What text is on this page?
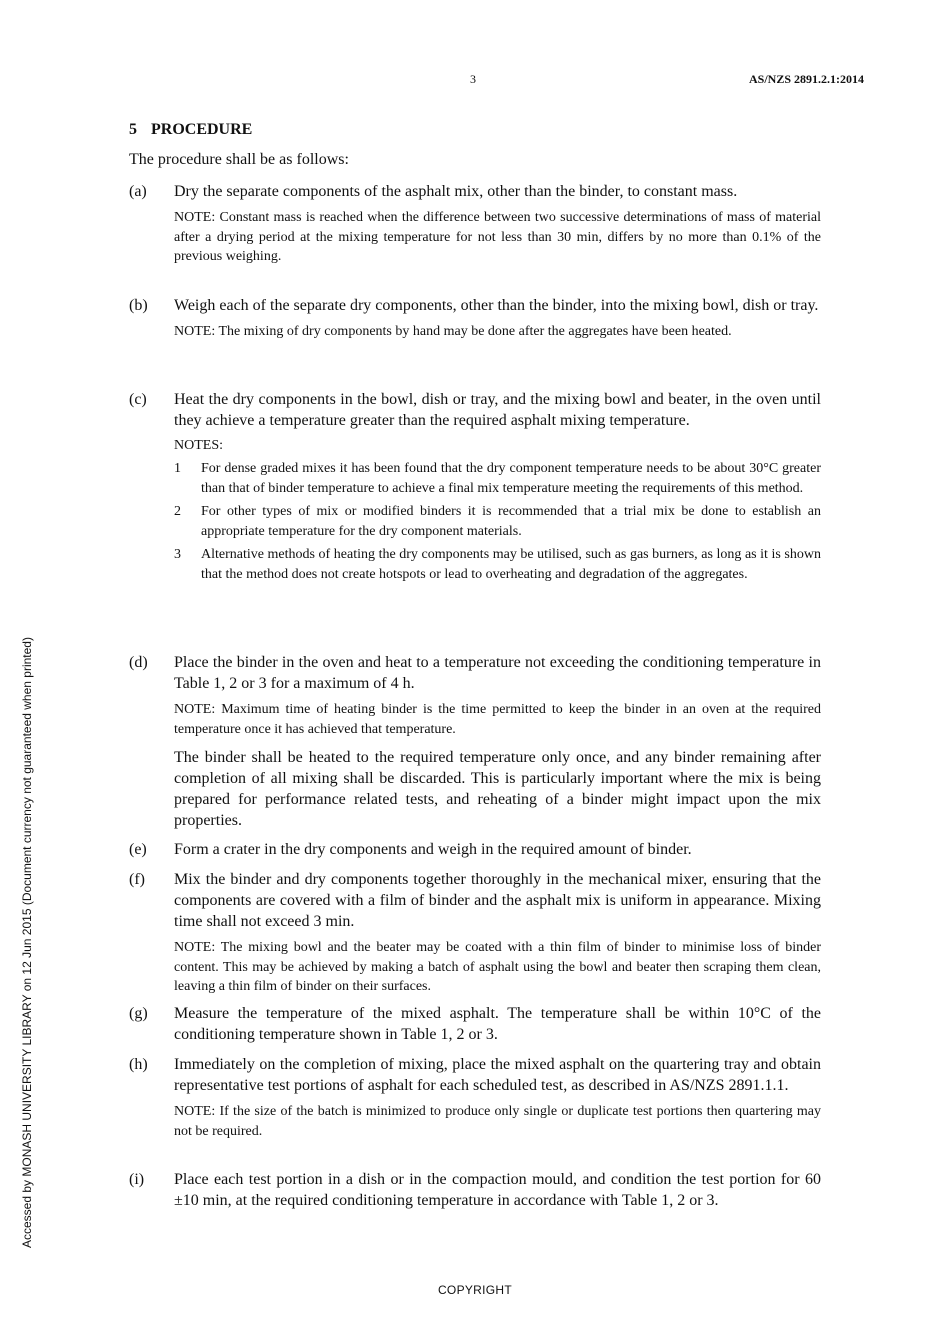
3	AS/NZS 2891.2.1:2014
5 PROCEDURE
The procedure shall be as follows:
(a)	Dry the separate components of the asphalt mix, other than the binder, to constant mass.
NOTE: Constant mass is reached when the difference between two successive determinations of mass of material after a drying period at the mixing temperature for not less than 30 min, differs by no more than 0.1% of the previous weighing.
(b)	Weigh each of the separate dry components, other than the binder, into the mixing bowl, dish or tray.
NOTE: The mixing of dry components by hand may be done after the aggregates have been heated.
(c)	Heat the dry components in the bowl, dish or tray, and the mixing bowl and beater, in the oven until they achieve a temperature greater than the required asphalt mixing temperature.
NOTES:
1	For dense graded mixes it has been found that the dry component temperature needs to be about 30°C greater than that of binder temperature to achieve a final mix temperature meeting the requirements of this method.
2	For other types of mix or modified binders it is recommended that a trial mix be done to establish an appropriate temperature for the dry component materials.
3	Alternative methods of heating the dry components may be utilised, such as gas burners, as long as it is shown that the method does not create hotspots or lead to overheating and degradation of the aggregates.
(d)	Place the binder in the oven and heat to a temperature not exceeding the conditioning temperature in Table 1, 2 or 3 for a maximum of 4 h.
NOTE: Maximum time of heating binder is the time permitted to keep the binder in an oven at the required temperature once it has achieved that temperature.
The binder shall be heated to the required temperature only once, and any binder remaining after completion of all mixing shall be discarded. This is particularly important where the mix is being prepared for performance related tests, and reheating of a binder might impact upon the mix properties.
(e)	Form a crater in the dry components and weigh in the required amount of binder.
(f)	Mix the binder and dry components together thoroughly in the mechanical mixer, ensuring that the components are covered with a film of binder and the asphalt mix is uniform in appearance. Mixing time shall not exceed 3 min.
NOTE: The mixing bowl and the beater may be coated with a thin film of binder to minimise loss of binder content. This may be achieved by making a batch of asphalt using the bowl and beater then scraping them clean, leaving a thin film of binder on their surfaces.
(g)	Measure the temperature of the mixed asphalt. The temperature shall be within 10°C of the conditioning temperature shown in Table 1, 2 or 3.
(h)	Immediately on the completion of mixing, place the mixed asphalt on the quartering tray and obtain representative test portions of asphalt for each scheduled test, as described in AS/NZS 2891.1.1.
NOTE: If the size of the batch is minimized to produce only single or duplicate test portions then quartering may not be required.
(i)	Place each test portion in a dish or in the compaction mould, and condition the test portion for 60 ±10 min, at the required conditioning temperature in accordance with Table 1, 2 or 3.
Accessed by MONASH UNIVERSITY LIBRARY on 12 Jun 2015 (Document currency not guaranteed when printed)
COPYRIGHT
